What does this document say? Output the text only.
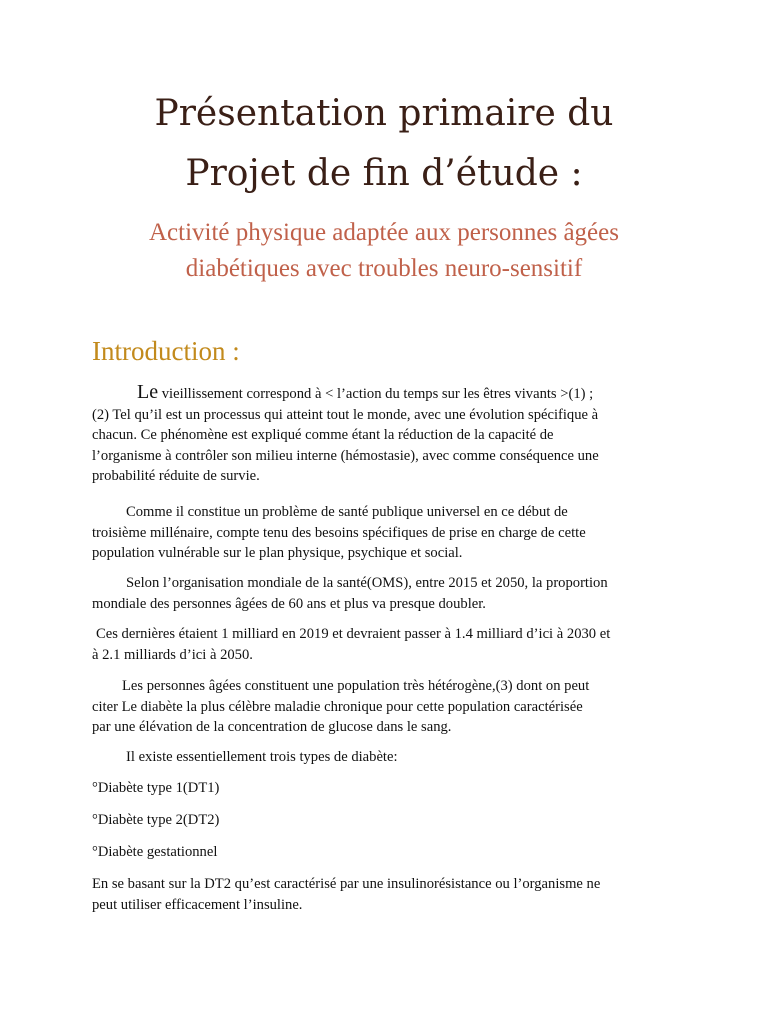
Présentation primaire du
Projet de fin d’étude :

Activité physique adaptée aux personnes âgées

diabétiques avec troubles neuro-sensitif

Introduction :
Le vieillissement correspond à < l’action du temps sur les êtres vivants >(1) ;
(2) Tel qu’il est un processus qui atteint tout le monde, avec une évolution spécifique à
chacun. Ce phénomène est expliqué comme étant la réduction de la capacité de
l’organisme à contrôler son milieu interne (hémostasie), avec comme conséquence une
probabilité réduite de survie.
Comme il constitue un problème de santé publique universel en ce début de
troisième millénaire, compte tenu des besoins spécifiques de prise en charge de cette
population vulnérable sur le plan physique, psychique et social.
Selon l’organisation mondiale de la santé(OMS), entre 2015 et 2050, la proportion
mondiale des personnes âgées de 60 ans et plus va presque doubler.
Ces dernières étaient 1 milliard en 2019 et devraient passer à 1.4 milliard d’ici à 2030 et
à 2.1 milliards d’ici à 2050.
Les personnes âgées constituent une population très hétérogène,(3) dont on peut
citer Le diabète la plus célèbre maladie chronique pour cette population caractérisée
par une élévation de la concentration de glucose dans le sang.
Il existe essentiellement trois types de diabète:
°Diabète type 1(DT1)
°Diabète type 2(DT2)
°Diabète gestationnel
En se basant sur la DT2 qu’est caractérisé par une insulinorésistance ou l’organisme ne
peut utiliser efficacement l’insuline.
